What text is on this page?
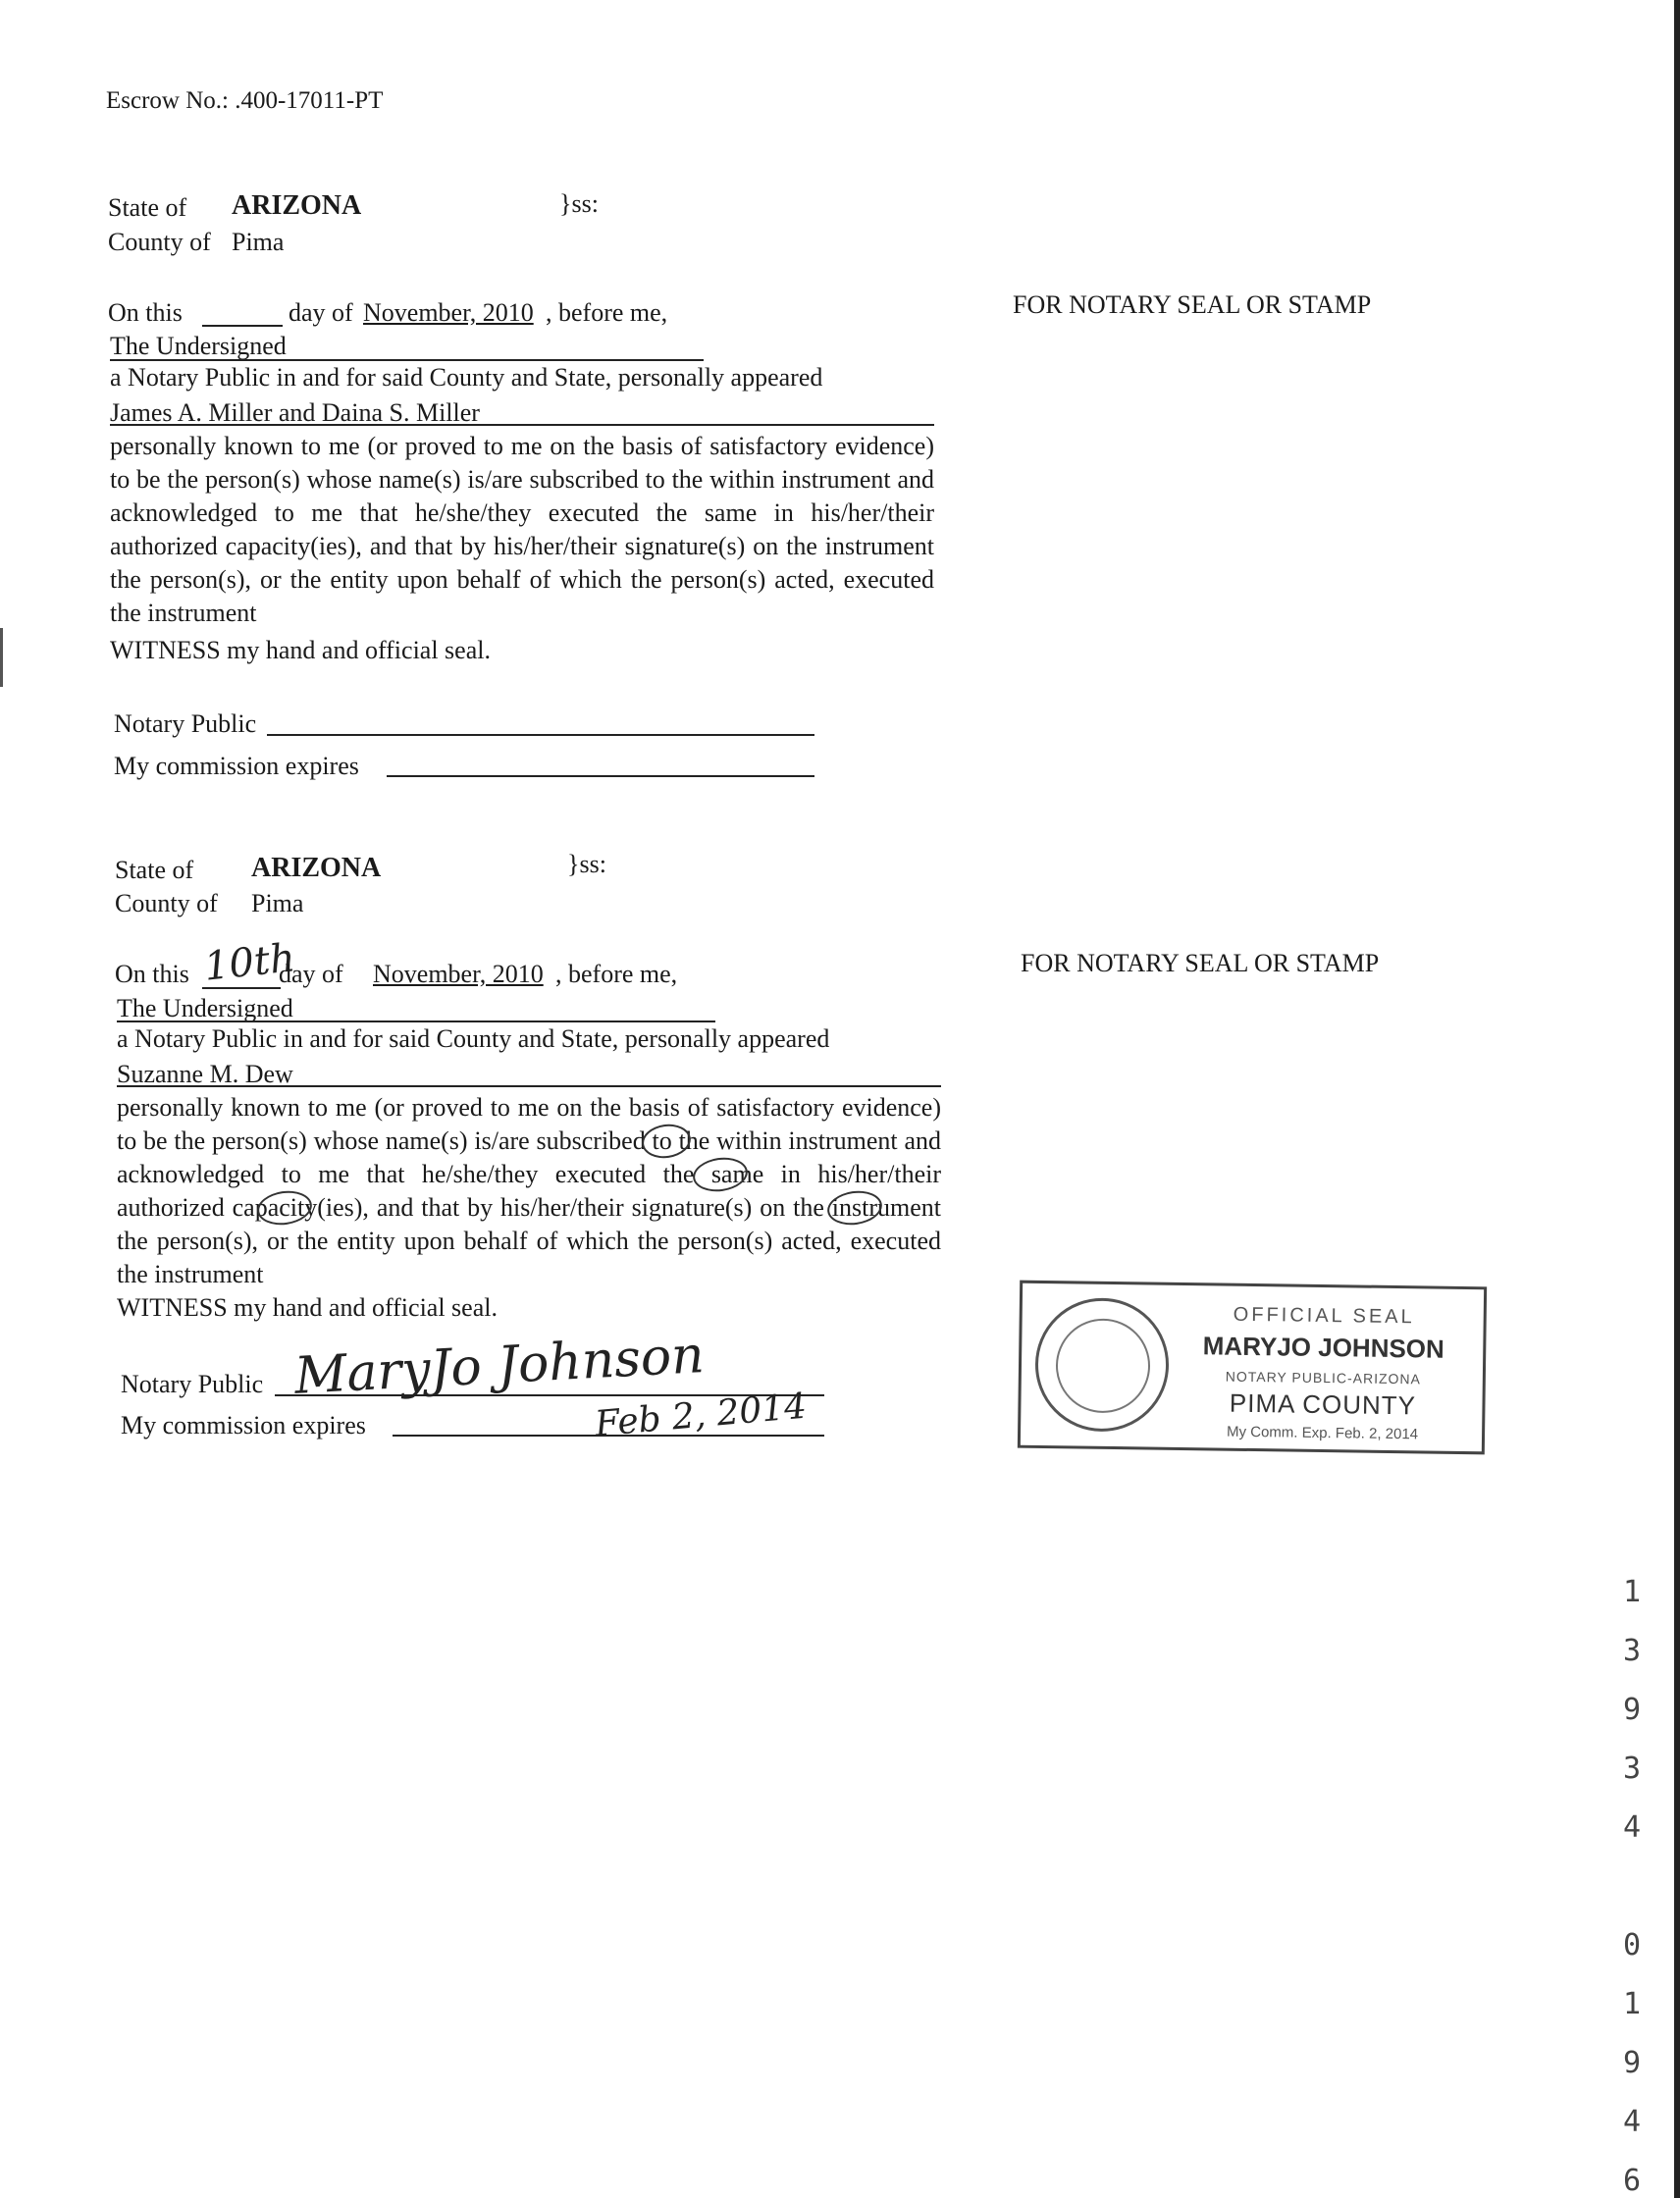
Escrow No.: .400-17011-PT
State of ARIZONA	}ss:
County of Pima
On this	day of November, 2010 , before me,
The Undersigned
a Notary Public in and for said County and State, personally appeared
James A. Miller and Daina S. Miller
personally known to me (or proved to me on the basis of satisfactory evidence) to be the person(s) whose name(s) is/are subscribed to the within instrument and acknowledged to me that he/she/they executed the same in his/her/their authorized capacity(ies), and that by his/her/their signature(s) on the instrument the person(s), or the entity upon behalf of which the person(s) acted, executed the instrument
WITNESS my hand and official seal.
Notary Public
My commission expires
FOR NOTARY SEAL OR STAMP
State of ARIZONA	}ss:
County of Pima
On this 10th
day of November, 2010 , before me,
The Undersigned
a Notary Public in and for said County and State, personally appeared
Suzanne M. Dew
personally known to me (or proved to me on the basis of satisfactory evidence) to be the person(s) whose name(s) is/are subscribed to the within instrument and acknowledged to me that he/she/they executed the same in his/her/their authorized capacity(ies), and that by his/her/their signature(s) on the instrument the person(s), or the entity upon behalf of which the person(s) acted, executed the instrument
WITNESS my hand and official seal.
Notary Public MaryJo Johnson
My commission expires	Feb 2, 2014
FOR NOTARY SEAL OR STAMP
OFFICIAL SEAL
MARYJO JOHNSON
NOTARY PUBLIC-ARIZONA
PIMA COUNTY
My Comm. Exp. Feb. 2, 2014
1

3

9

3

4

0

1

9

4

6
